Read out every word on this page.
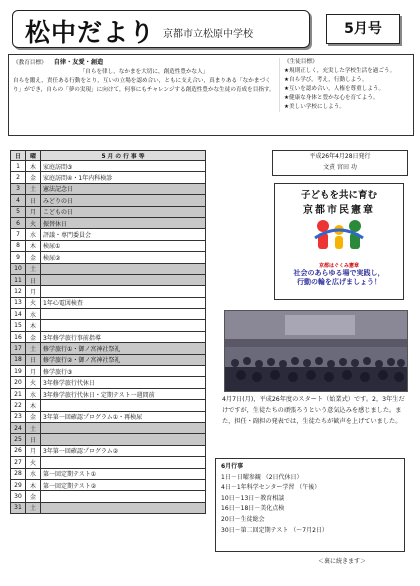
松中だより 京都市立松原中学校	5月号
《教育目標》 自律・友愛・創造
「自らを律し，なかまを大切に，創造性豊かな人」
自らを鍛え，責任ある行動をとり，互いの立場を認め合い，ともに支え合い，真まりある「なかまづくり」ができ，自らの「夢の実現」に向けて，何事にもチャレンジする創造性豊かな生徒の育成を目指す。
《生徒目標》
★規則正しく，充実した学校生活を過ごう。
★自ら学び，考え，行動しよう。
★互いを認め合い，人権を尊重しよう。
★健康な身体と豊かな心を育てよう。
★美しい学校にしよう。
日	曜	5 月 の 行 事 等
1	木	家庭訪問③
2	金	家庭訪問④・1年内科検診
3	土	憲法記念日
4	日	みどりの日
5	月	こどもの日
6	火	振替休日
7	水	評議・専門委員会
8	木	検尿①
9	金	検尿②
10	土	
11	日	
12	月	
13	火	1年心電図検査
14	水	
15	木	
16	金	3年修学旅行事前指導
17	土	修学旅行①・御ノ宮神社祭礼
18	日	修学旅行②・御ノ宮神社祭礼
19	月	修学旅行③
20	火	3年修学旅行代休日
21	水	3年修学旅行代休日・定期テスト一週間前
22	木	
23	金	3年第一回確認プログラム①・再検尿
24	土	
25	日	
26	月	3年第一回確認プログラム②
27	火	
28	水	第一回定期テスト①
29	木	第一回定期テスト②
30	金	
31	土	
平成26年4月28日発行
文責 宮田 功
子どもを共に育む
京都市民憲章
京都はぐくみ憲章
社会のあらゆる場で実践し，
行動の輪を広げましょう！
4月7日(月)，平成26年度のスタート（始業式）です。2，3年生だけですが，生徒たちの頑張ろうという意気込みを感じました。また，担任・副担の発表では，生徒たちが歓声を上げていました。
6月行事
1日－日曜参観 （2日代休日）
4日－1年科学センター学習 （午後）
10日－13日－教育相談
16日－18日－美化点検
20日－生徒総会
30日－第二回定期テスト （～7月2日）
＜裏に続きます＞
